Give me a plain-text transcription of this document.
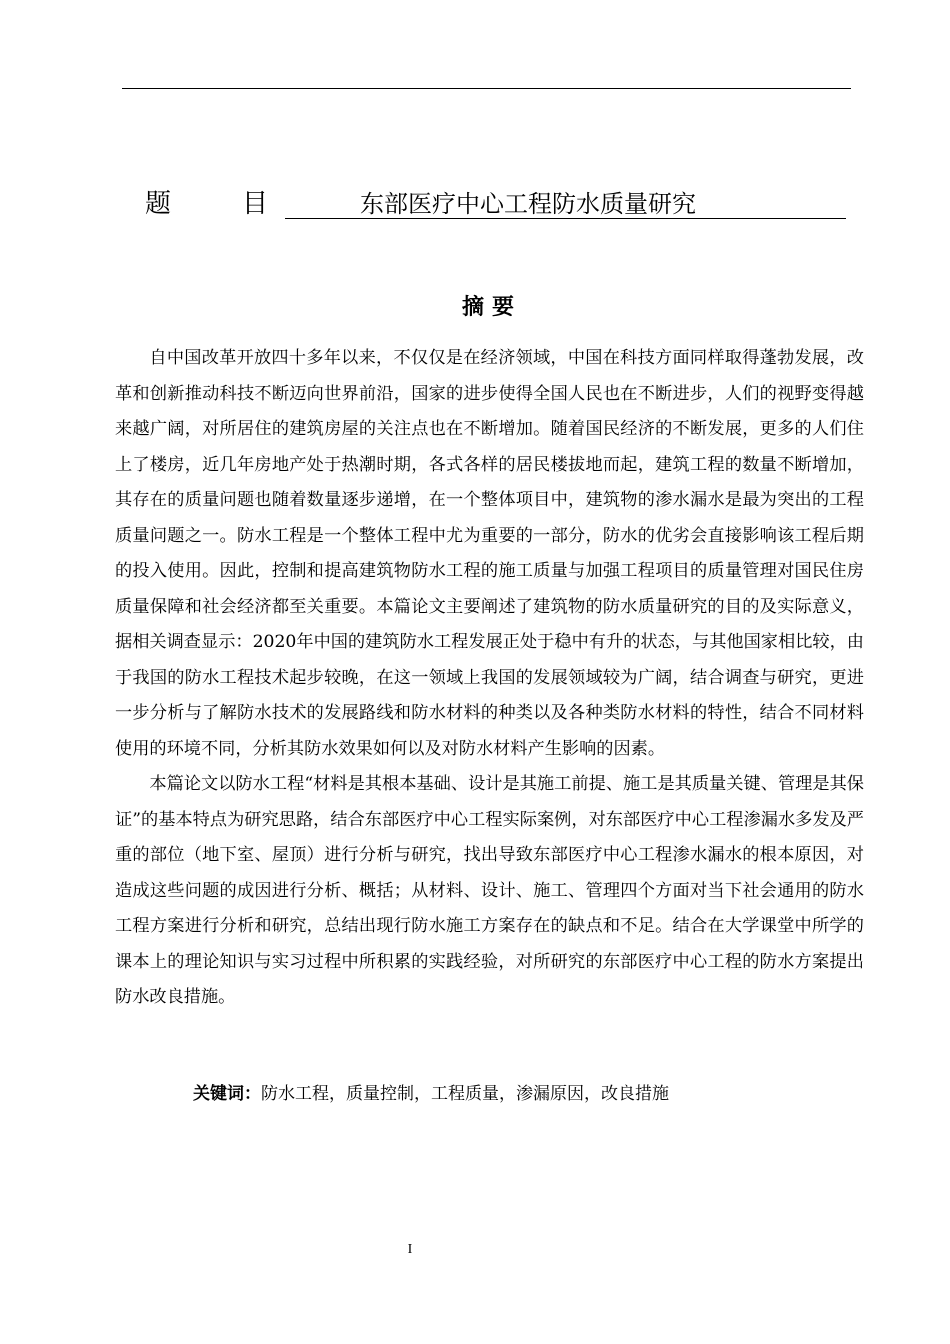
题	目	东部医疗中心工程防水质量研究
摘要

自中国改革开放四十多年以来，不仅仅是在经济领域，中国在科技方面同样取得蓬勃发展，改革和创新推动科技不断迈向世界前沿，国家的进步使得全国人民也在不断进步，人们的视野变得越来越广阔，对所居住的建筑房屋的关注点也在不断增加。随着国民经济的不断发展，更多的人们住上了楼房，近几年房地产处于热潮时期，各式各样的居民楼拔地而起，建筑工程的数量不断增加，其存在的质量问题也随着数量逐步递增，在一个整体项目中，建筑物的渗水漏水是最为突出的工程质量问题之一。防水工程是一个整体工程中尤为重要的一部分，防水的优劣会直接影响该工程后期的投入使用。因此，控制和提高建筑物防水工程的施工质量与加强工程项目的质量管理对国民住房质量保障和社会经济都至关重要。本篇论文主要阐述了建筑物的防水质量研究的目的及实际意义，据相关调查显示：2020年中国的建筑防水工程发展正处于稳中有升的状态，与其他国家相比较，由于我国的防水工程技术起步较晚，在这一领域上我国的发展领域较为广阔，结合调查与研究，更进一步分析与了解防水技术的发展路线和防水材料的种类以及各种类防水材料的特性，结合不同材料使用的环境不同，分析其防水效果如何以及对防水材料产生影响的因素。

本篇论文以防水工程“材料是其根本基础、设计是其施工前提、施工是其质量关键、管理是其保证”的基本特点为研究思路，结合东部医疗中心工程实际案例，对东部医疗中心工程渗漏水多发及严重的部位（地下室、屋顶）进行分析与研究，找出导致东部医疗中心工程渗水漏水的根本原因，对造成这些问题的成因进行分析、概括；从材料、设计、施工、管理四个方面对当下社会通用的防水工程方案进行分析和研究，总结出现行防水施工方案存在的缺点和不足。结合在大学课堂中所学的课本上的理论知识与实习过程中所积累的实践经验，对所研究的东部医疗中心工程的防水方案提出防水改良措施。

关键词：防水工程，质量控制，工程质量，渗漏原因，改良措施
I
